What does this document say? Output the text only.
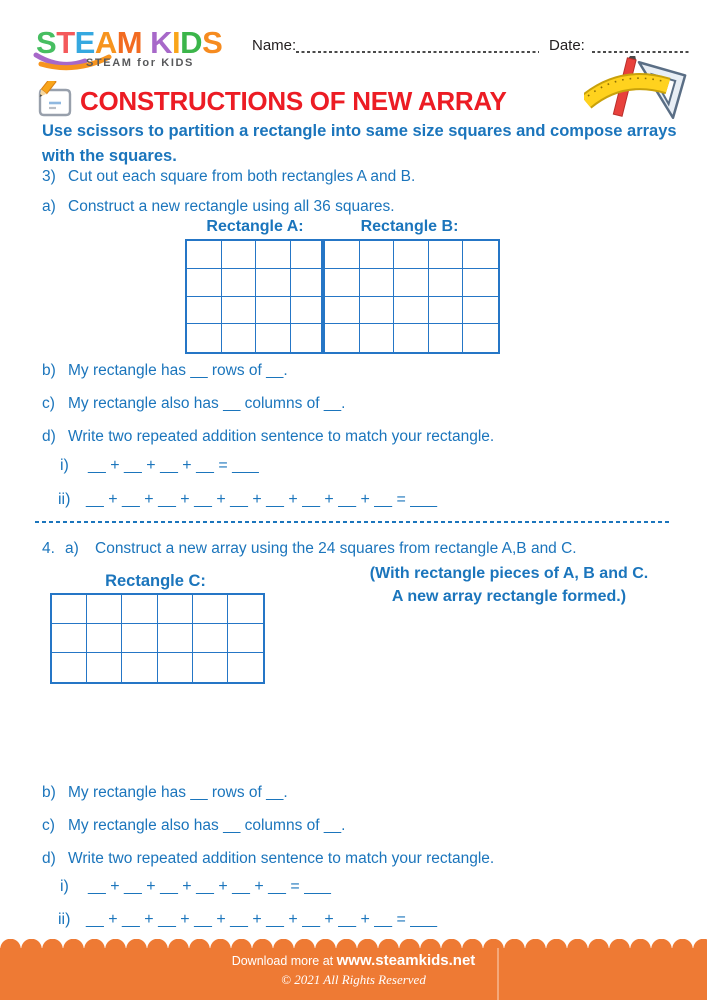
STEAM KIDS
STEAM for KIDS
Name:	Date:
CONSTRUCTIONS OF NEW ARRAY
Use scissors to partition a rectangle into same size squares and compose arrays with the squares.
3) Cut out each square from both rectangles A and B.
a) Construct a new rectangle using all 36 squares.
Rectangle A:	Rectangle B:
b) My rectangle has __ rows of __.
c) My rectangle also has __ columns of __.
d) Write two repeated addition sentence to match your rectangle.
i) __ + __ + __ + __ = ___
ii) __ + __ + __ + __ + __ + __ + __ + __ + __ = ___
4. a) Construct a new array using the 24 squares from rectangle A,B and C.
Rectangle C:	(With rectangle pieces of A, B and C.
A new array rectangle formed.)
b) My rectangle has __ rows of __.
c) My rectangle also has __ columns of __.
d) Write two repeated addition sentence to match your rectangle.
i) __ + __ + __ + __ + __ + __ = ___
ii) __ + __ + __ + __ + __ + __ + __ + __ + __ = ___
Download more at www.steamkids.net
© 2021 All Rights Reserved
